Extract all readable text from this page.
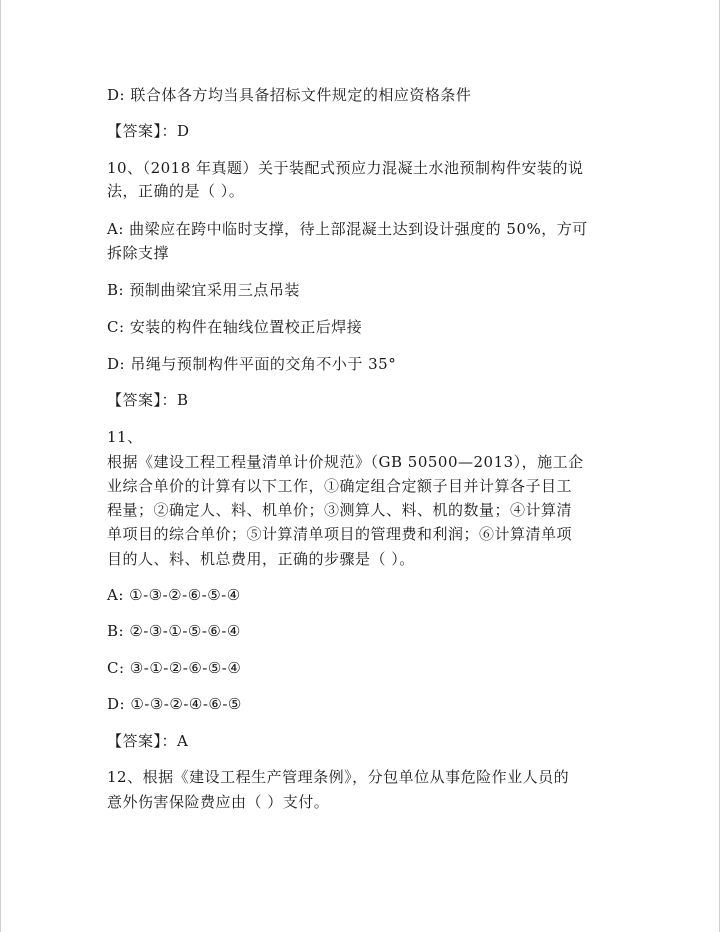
D: 联合体各方均当具备招标文件规定的相应资格条件
【答案】：D
10、（2018 年真题）关于装配式预应力混凝土水池预制构件安装的说
法，正确的是（ ）。
A: 曲梁应在跨中临时支撑，待上部混凝土达到设计强度的 50%，方可
拆除支撑
B: 预制曲梁宜采用三点吊装
C: 安装的构件在轴线位置校正后焊接
D: 吊绳与预制构件平面的交角不小于 35°
【答案】：B
11、
根据《建设工程工程量清单计价规范》（GB 50500—2013），施工企
业综合单价的计算有以下工作，①确定组合定额子目并计算各子目工
程量；②确定人、料、机单价；③测算人、料、机的数量；④计算清
单项目的综合单价；⑤计算清单项目的管理费和利润；⑥计算清单项
目的人、料、机总费用，正确的步骤是（ ）。
A: ①-③-②-⑥-⑤-④
B: ②-③-①-⑤-⑥-④
C: ③-①-②-⑥-⑤-④
D: ①-③-②-④-⑥-⑤
【答案】：A
12、根据《建设工程生产管理条例》，分包单位从事危险作业人员的
意外伤害保险费应由（ ）支付。
